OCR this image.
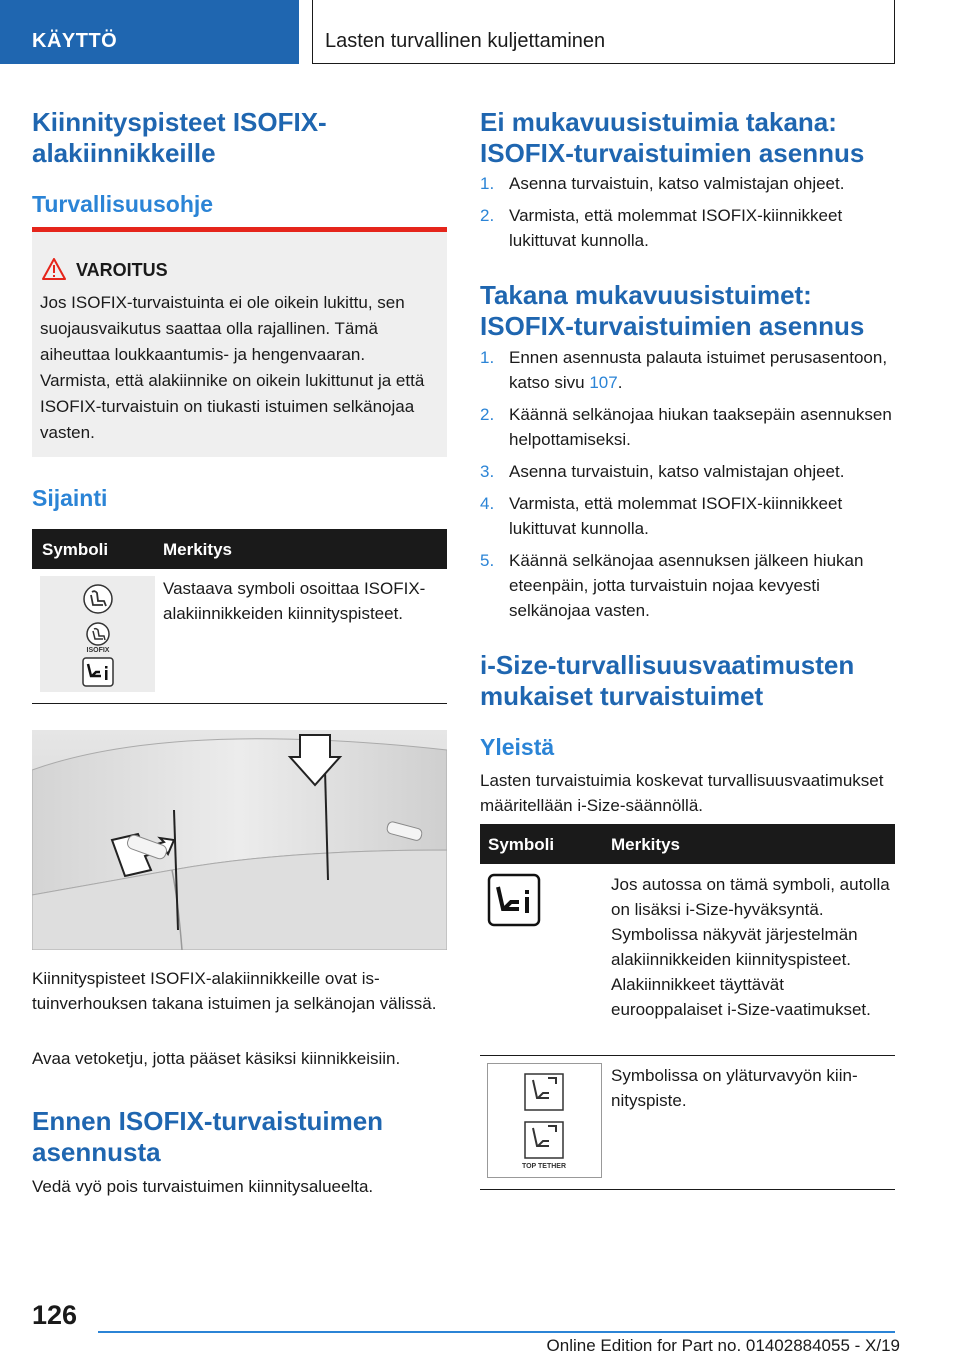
KÄYTTÖ	Lasten turvallinen kuljettaminen
Kiinnityspisteet ISOFIX-alakiinnikkeille
Turvallisuusohje
VAROITUS

Jos ISOFIX-turvaistuinta ei ole oikein lukittu, sen suojausvaikutus saattaa olla rajallinen. Tämä aiheuttaa loukkaantumis- ja hengenvaaran. Varmista, että alakiinnike on oikein lukittunut ja että ISOFIX-turvaistuin on tiukasti istuimen selkänojaa vasten.

Sijainti
Symboli	Merkitys
ISOFIX

Vastaava symboli osoittaa ISOFIX-alakiinnikkeiden kiinnityspisteet.

Kiinnityspisteet ISOFIX-alakiinnikkeille ovat istuinverhouksen takana istuimen ja selkänojan välissä.

Avaa vetoketju, jotta pääset käsiksi kiinnikkeisiin.

Ennen ISOFIX-turvaistuimen asennusta

Vedä vyö pois turvaistuimen kiinnitysalueelta.

Ei mukavuusistuimia takana: ISOFIX-turvaistuimien asennus
1. Asenna turvaistuin, katso valmistajan ohjeet.
2. Varmista, että molemmat ISOFIX-kiinnikkeet lukittuvat kunnolla.
Takana mukavuusistuimet: ISOFIX-turvaistuimien asennus
1. Ennen asennusta palauta istuimet perusasentoon, katso sivu 107.
2. Käännä selkänojaa hiukan taaksepäin asennuksen helpottamiseksi.
3. Asenna turvaistuin, katso valmistajan ohjeet.
4. Varmista, että molemmat ISOFIX-kiinnikkeet lukittuvat kunnolla.
5. Käännä selkänojaa asennuksen jälkeen hiukan eteenpäin, jotta turvaistuin nojaa kevyesti selkänojaa vasten.
i-Size-turvallisuusvaatimusten mukaiset turvaistuimet
Yleistä

Lasten turvaistuimia koskevat turvallisuusvaatimukset määritellään i-Size-säännöllä.

Symboli	Merkitys

Jos autossa on tämä symboli, autolla on lisäksi i-Size-hyväksyntä. Symbolissa näkyvät järjestelmän alakiinnikkeiden kiinnityspisteet. Alakiinnikkeet täyttävät eurooppalaiset i-Size-vaatimukset.

TOP TETHER

Symbolissa on yläturvavyön kiinnityspiste.

126
Online Edition for Part no. 01402884055 - X/19
